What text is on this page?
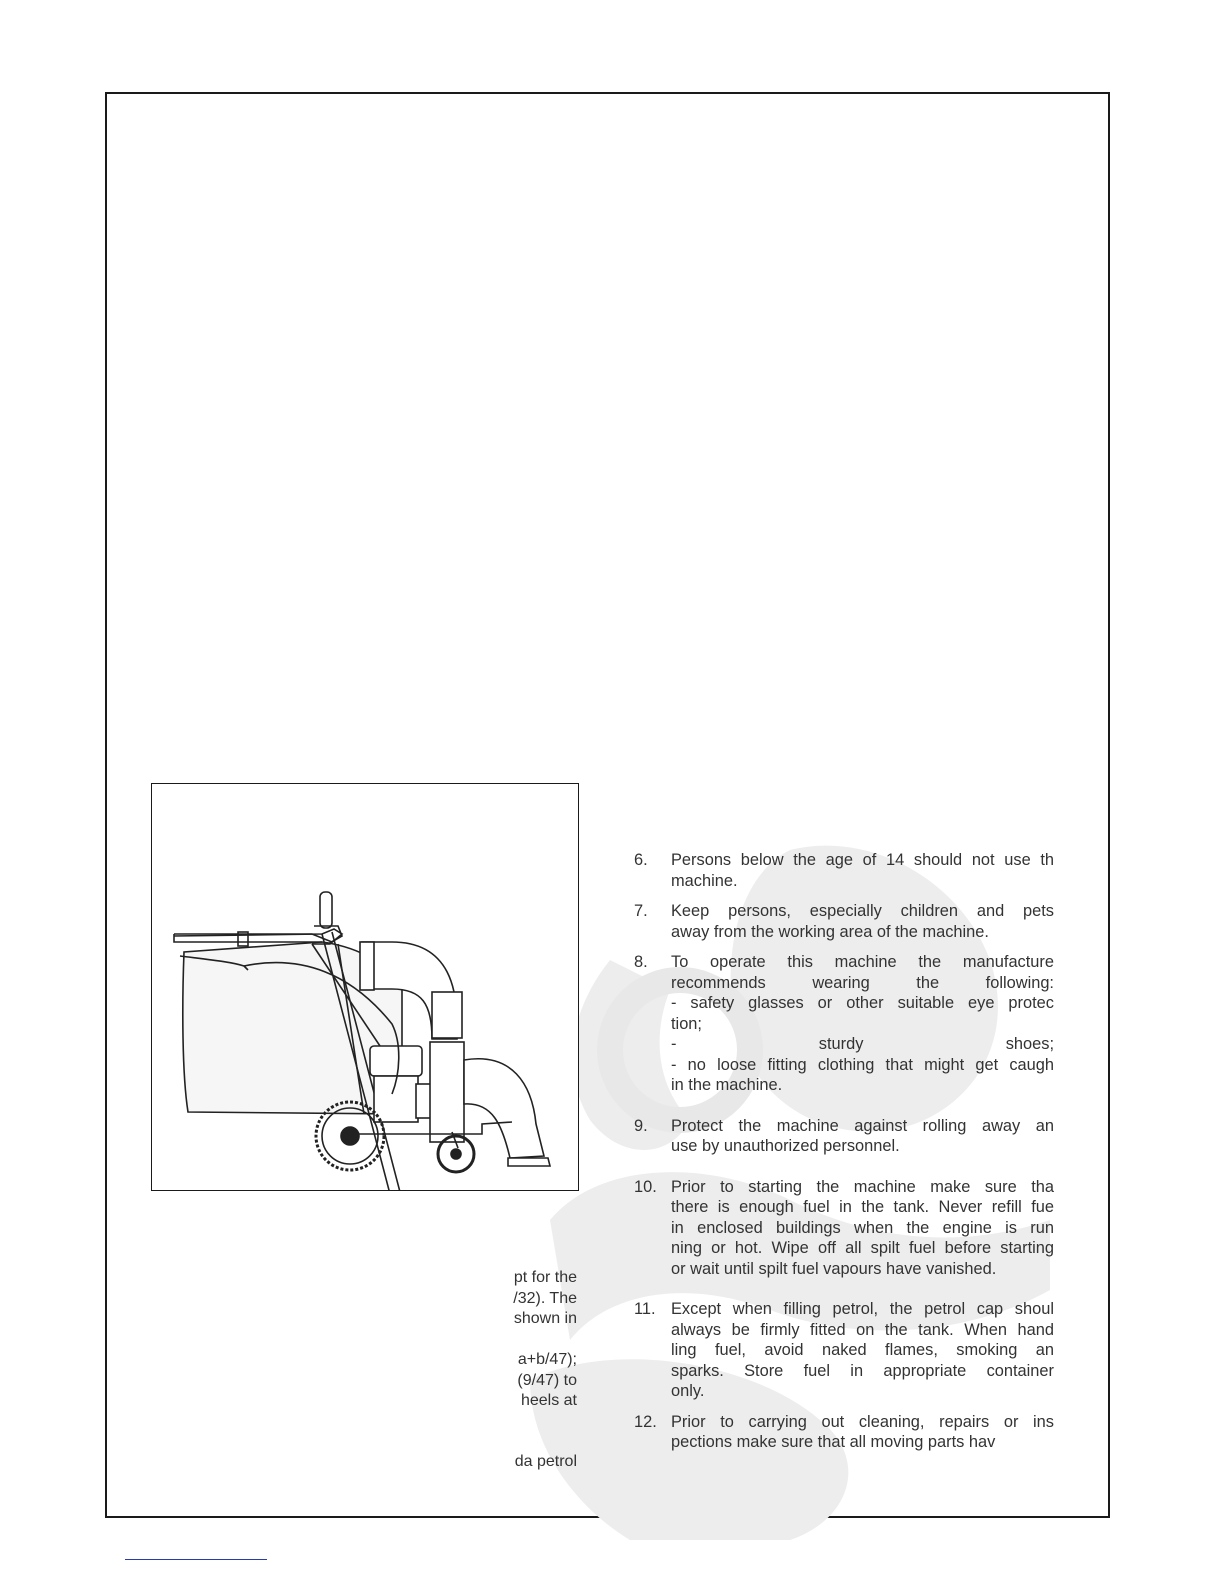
pt for the
/32). The
shown in
a+b/47);
(9/47) to
heels at
da petrol
6. Persons below the age of 14 should not use th
machine.
7. Keep persons, especially children and pets
away from the working area of the machine.
8. To operate this machine the manufacture
recommends wearing the following:
- safety glasses or other suitable eye protec
tion;
- sturdy shoes;
- no loose fitting clothing that might get caugh
in the machine.
9. Protect the machine against rolling away an
use by unauthorized personnel.
10. Prior to starting the machine make sure tha
there is enough fuel in the tank. Never refill fue
in enclosed buildings when the engine is run
ning or hot. Wipe off all spilt fuel before starting
or wait until spilt fuel vapours have vanished.
11. Except when filling petrol, the petrol cap shoul
always be firmly fitted on the tank. When hand
ling fuel, avoid naked flames, smoking an
sparks. Store fuel in appropriate container
only.
12. Prior to carrying out cleaning, repairs or ins
pections make sure that all moving parts hav
